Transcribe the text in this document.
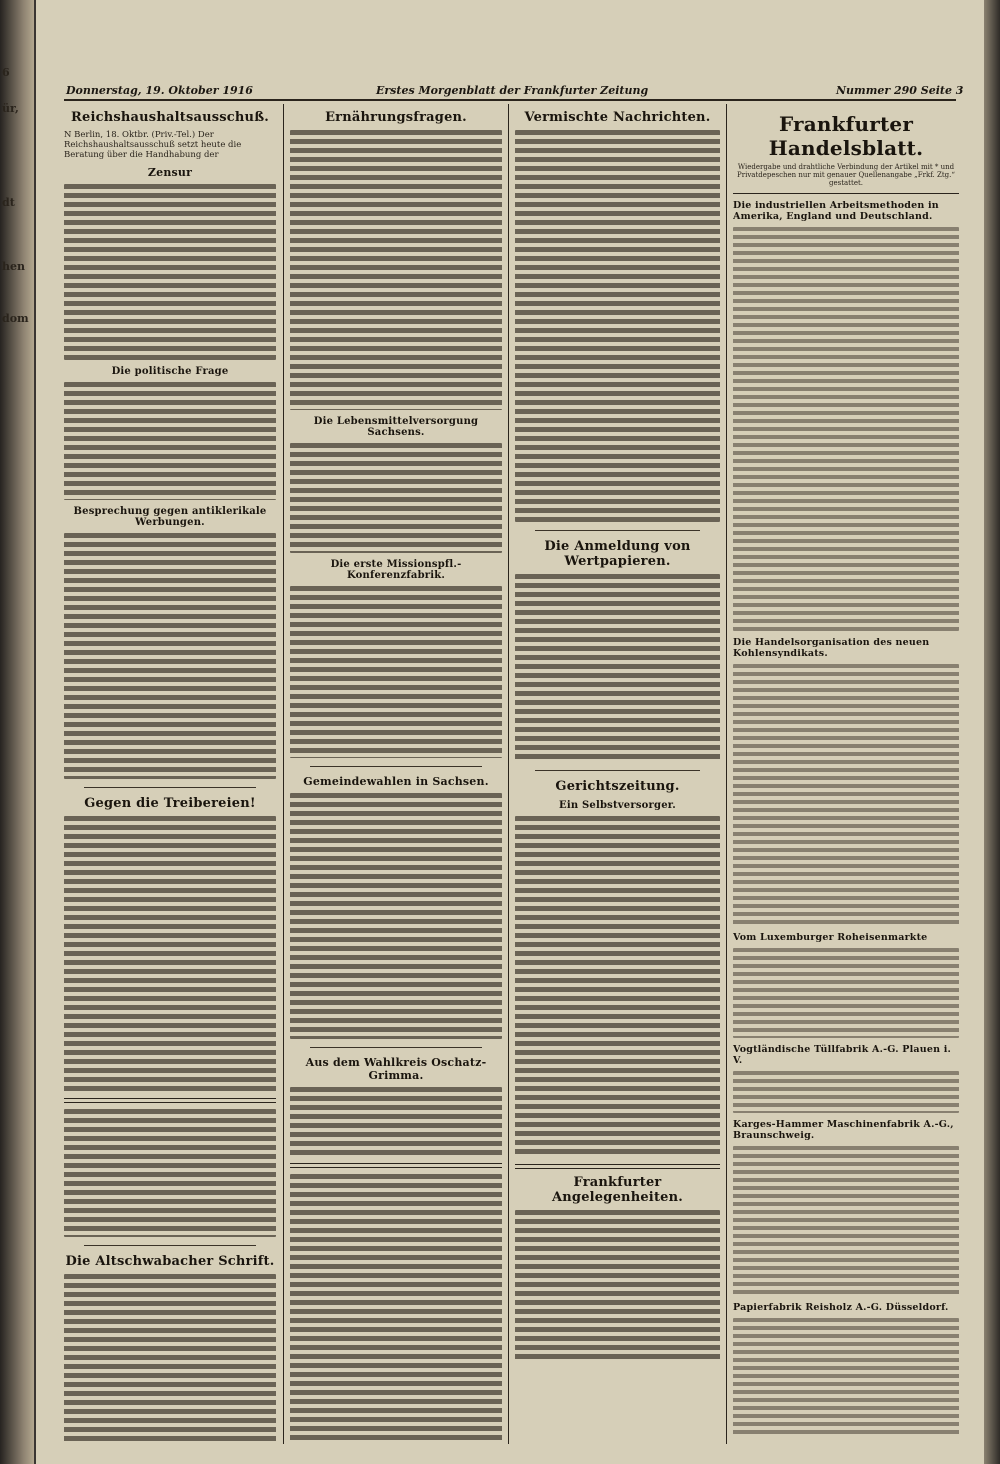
6
ür,
dt
hen
dom
Donnerstag, 19. Oktober 1916	Erstes Morgenblatt der Frankfurter Zeitung	Nummer 290 Seite 3
Reichshaushaltsausschuß.
N Berlin, 18. Oktbr. (Priv.-Tel.) Der Reichshaushaltsausschuß setzt heute die Beratung über die Handhabung der
Zensur
Die politische Frage
Besprechung gegen antiklerikale Werbungen.
Gegen die Treibereien!
Die Altschwabacher Schrift.
Ernährungsfragen.
Die Lebensmittelversorgung Sachsens.
Die erste Missionspfl.-Konferenzfabrik.
Gemeindewahlen in Sachsen.
Aus dem Wahlkreis Oschatz-Grimma.
Vermischte Nachrichten.
Die Anmeldung von Wertpapieren.
Gerichtszeitung.
Ein Selbstversorger.
Frankfurter Angelegenheiten.
Frankfurter Handelsblatt.
Wiedergabe und drahtliche Verbindung der Artikel mit * und Privatdepeschen nur mit genauer Quellenangabe „Frkf. Ztg.“ gestattet.
Die industriellen Arbeitsmethoden in Amerika, England und Deutschland.
Die Handelsorganisation des neuen Kohlensyndikats.
Vom Luxemburger Roheisenmarkte
Vogtländische Tüllfabrik A.-G. Plauen i. V.
Karges-Hammer Maschinenfabrik A.-G., Braunschweig.
Papierfabrik Reisholz A.-G. Düsseldorf.
